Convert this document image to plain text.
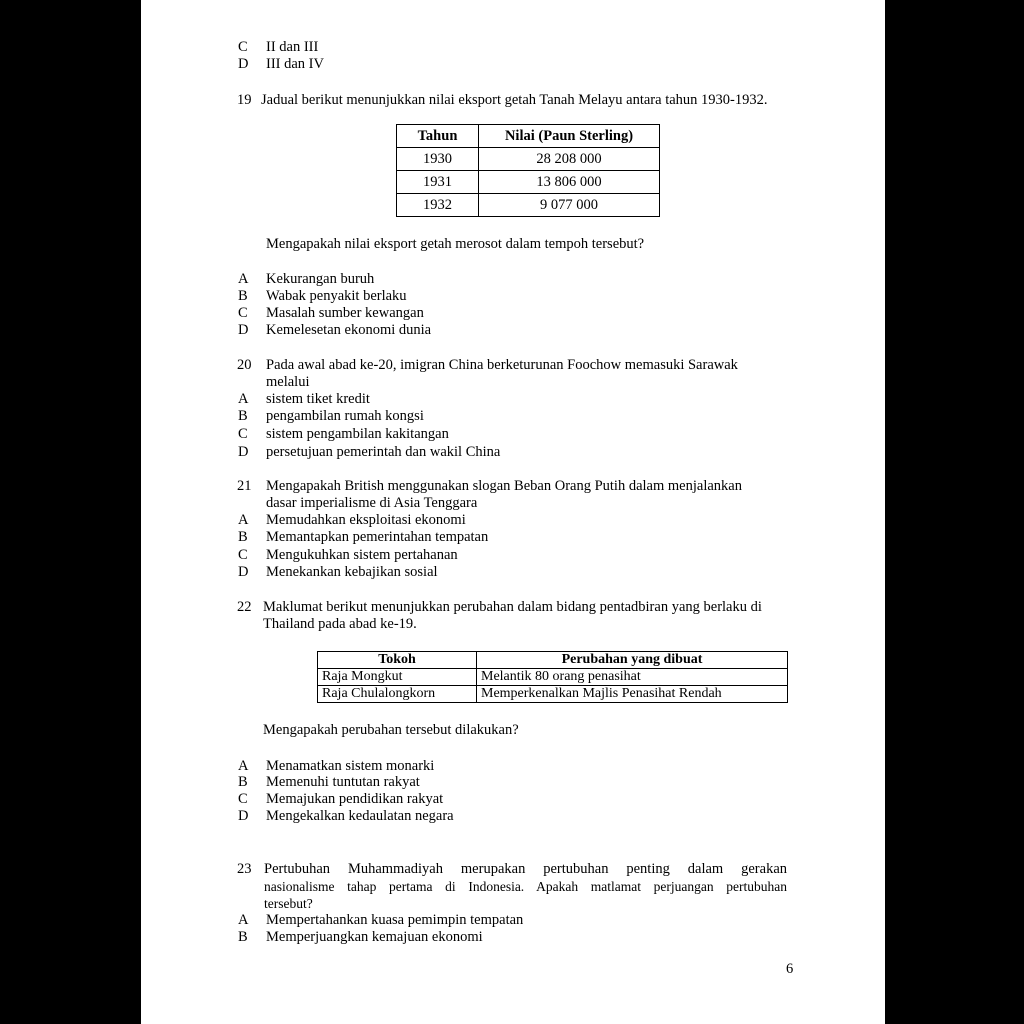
C II dan III
D III dan IV
19 Jadual berikut menunjukkan nilai eksport getah Tanah Melayu antara tahun 1930-1932.
Tahun	Nilai (Paun Sterling)
1930	28 208 000
1931	13 806 000
1932	9 077 000
Mengapakah nilai eksport getah merosot dalam tempoh tersebut?
A Kekurangan buruh
B Wabak penyakit berlaku
C Masalah sumber kewangan
D Kemelesetan ekonomi dunia
20 Pada awal abad ke-20, imigran China berketurunan Foochow memasuki Sarawak
melalui
A sistem tiket kredit
B pengambilan rumah kongsi
C sistem pengambilan kakitangan
D persetujuan pemerintah dan wakil China
21 Mengapakah British menggunakan slogan Beban Orang Putih dalam menjalankan
dasar imperialisme di Asia Tenggara
A Memudahkan eksploitasi ekonomi
B Memantapkan pemerintahan tempatan
C Mengukuhkan sistem pertahanan
D Menekankan kebajikan sosial
22 Maklumat berikut menunjukkan perubahan dalam bidang pentadbiran yang berlaku di
Thailand pada abad ke-19.
Tokoh	Perubahan yang dibuat
Raja Mongkut	Melantik 80 orang penasihat
Raja Chulalongkorn	Memperkenalkan Majlis Penasihat Rendah
Mengapakah perubahan tersebut dilakukan?
A Menamatkan sistem monarki
B Memenuhi tuntutan rakyat
C Memajukan pendidikan rakyat
D Mengekalkan kedaulatan negara
23 Pertubuhan Muhammadiyah merupakan pertubuhan penting dalam gerakan
nasionalisme tahap pertama di Indonesia. Apakah matlamat perjuangan pertubuhan
tersebut?
A Mempertahankan kuasa pemimpin tempatan
B Memperjuangkan kemajuan ekonomi
6
